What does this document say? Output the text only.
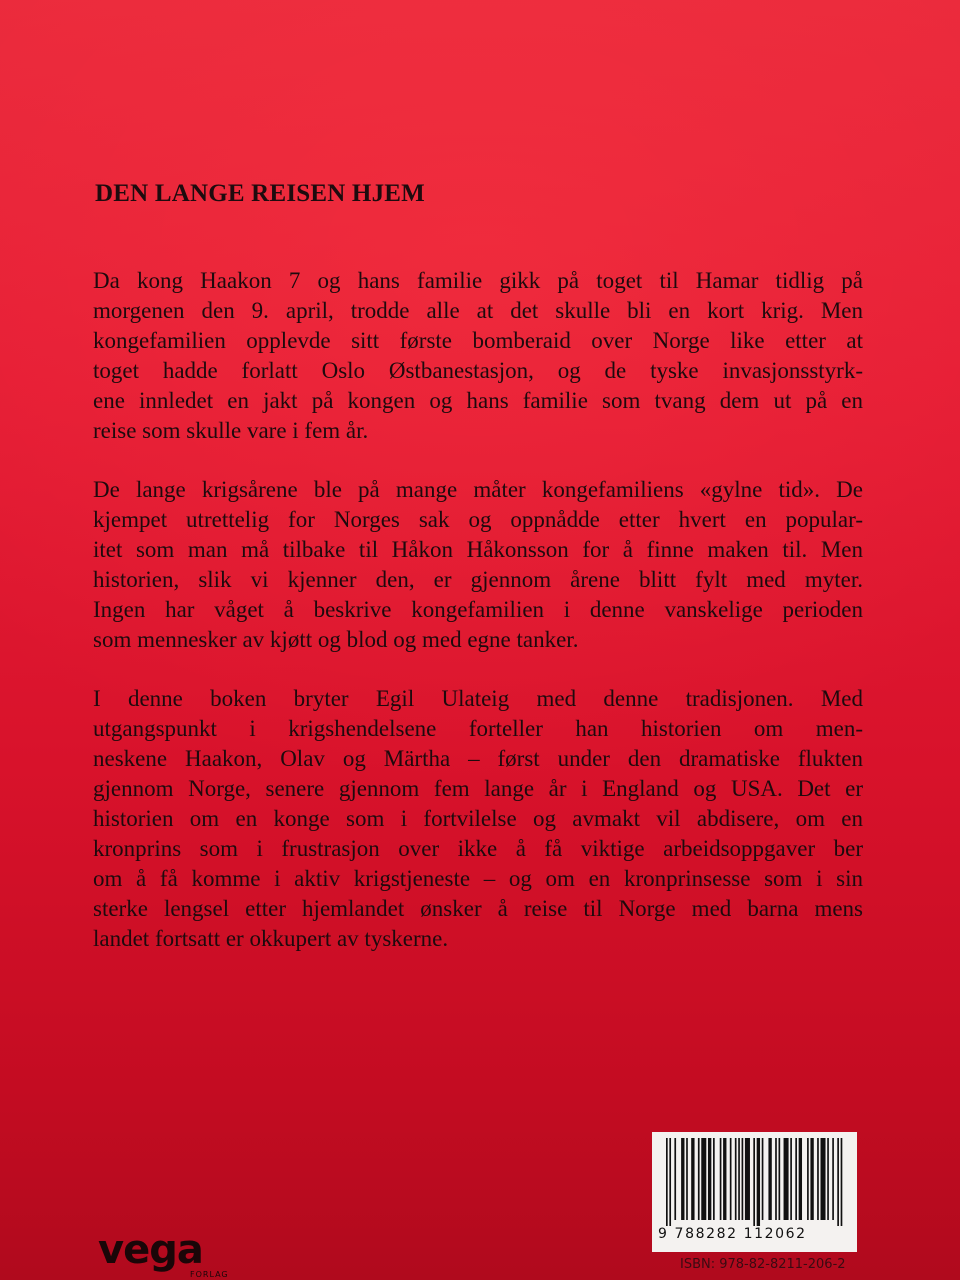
DEN LANGE REISEN HJEM

Da kong Haakon 7 og hans familie gikk på toget til Hamar tidlig på
morgenen den 9. april, trodde alle at det skulle bli en kort krig. Men
kongefamilien opplevde sitt første bomberaid over Norge like etter at
toget hadde forlatt Oslo Østbanestasjon, og de tyske invasjonsstyrk-
ene innledet en jakt på kongen og hans familie som tvang dem ut på en
reise som skulle vare i fem år.

De lange krigsårene ble på mange måter kongefamiliens «gylne tid». De
kjempet utrettelig for Norges sak og oppnådde etter hvert en popular-
itet som man må tilbake til Håkon Håkonsson for å finne maken til. Men
historien, slik vi kjenner den, er gjennom årene blitt fylt med myter.
Ingen har våget å beskrive kongefamilien i denne vanskelige perioden
som mennesker av kjøtt og blod og med egne tanker.

I denne boken bryter Egil Ulateig med denne tradisjonen. Med
utgangspunkt i krigshendelsene forteller han historien om men-
neskene Haakon, Olav og Märtha – først under den dramatiske flukten
gjennom Norge, senere gjennom fem lange år i England og USA. Det er
historien om en konge som i fortvilelse og avmakt vil abdisere, om en
kronprins som i frustrasjon over ikke å få viktige arbeidsoppgaver ber
om å få komme i aktiv krigstjeneste – og om en kronprinsesse som i sin
sterke lengsel etter hjemlandet ønsker å reise til Norge med barna mens
landet fortsatt er okkupert av tyskerne.

9 788282 112062
ISBN: 978-82-8211-206-2
vega
FORLAG
